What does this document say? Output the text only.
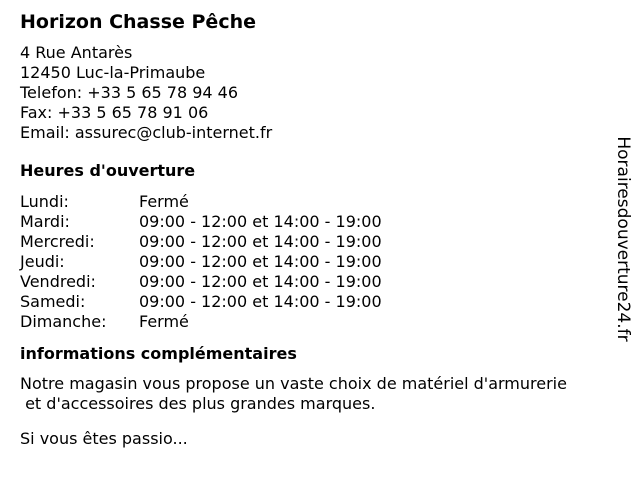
Horizon Chasse Pêche
4 Rue Antarès
12450 Luc-la-Primaube
Telefon: +33 5 65 78 94 46
Fax: +33 5 65 78 91 06
Email: assurec@club-internet.fr
Heures d'ouverture
Lundi:	Fermé
Mardi:	09:00 - 12:00 et 14:00 - 19:00
Mercredi:	09:00 - 12:00 et 14:00 - 19:00
Jeudi:	09:00 - 12:00 et 14:00 - 19:00
Vendredi:	09:00 - 12:00 et 14:00 - 19:00
Samedi:	09:00 - 12:00 et 14:00 - 19:00
Dimanche: Fermé
informations complémentaires

Notre magasin vous propose un vaste choix de matériel d'armurerie
et d'accessoires des plus grandes marques.

Si vous êtes passio...
Horairesdouverture24.fr
